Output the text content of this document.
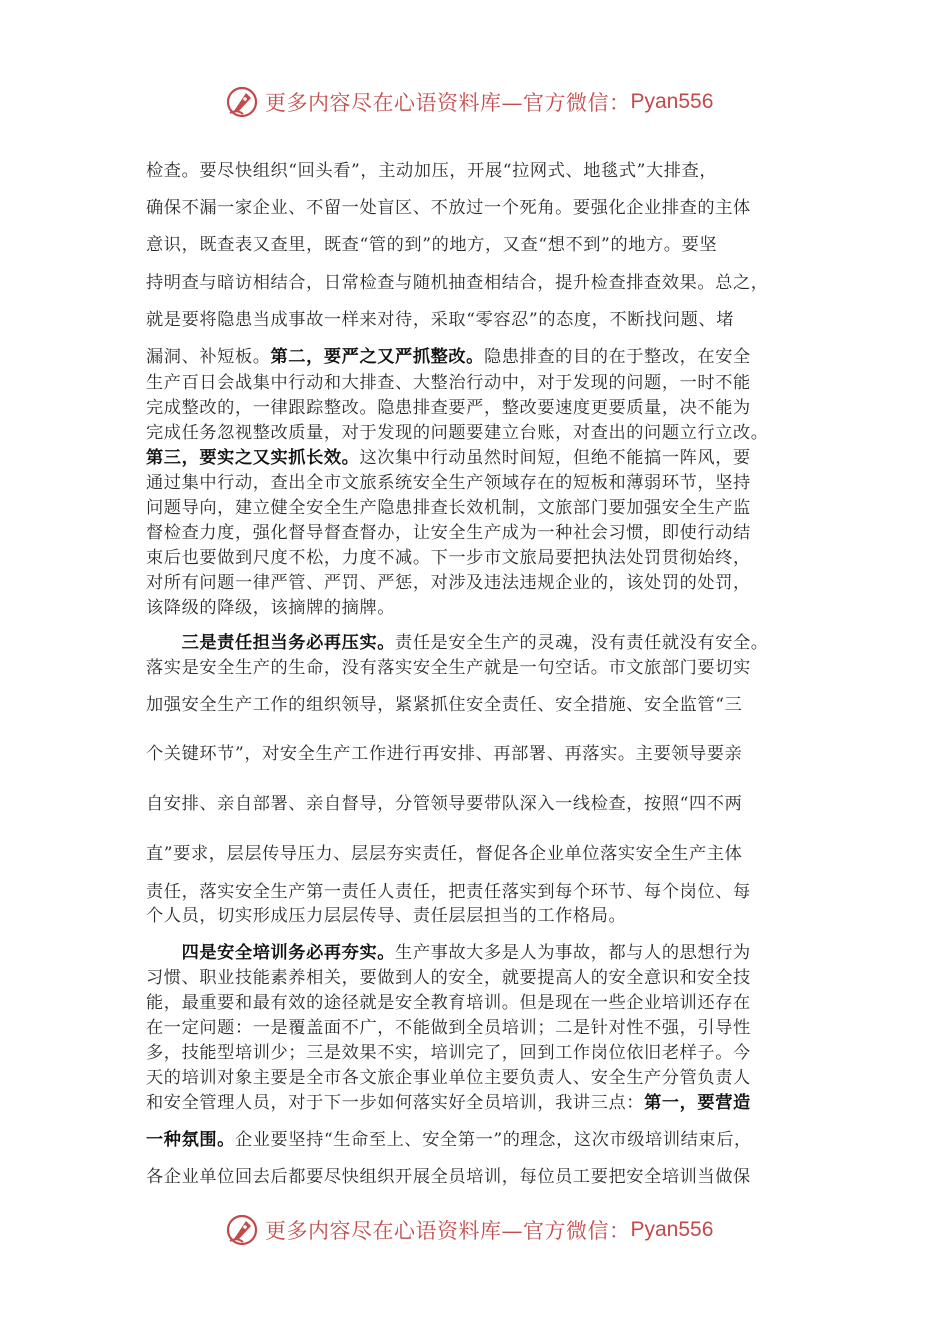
更多内容尽在心语资料库—官方微信： Pyan556
检查。要尽快组织“回头看”，主动加压，开展“拉网式、地毯式”大排查，
确保不漏一家企业、不留一处盲区、不放过一个死角。要强化企业排查的主体
意识，既查表又查里，既查“管的到”的地方，又查“想不到”的地方。要坚
持明查与暗访相结合，日常检查与随机抽查相结合，提升检查排查效果。总之，
就是要将隐患当成事故一样来对待，采取“零容忍”的态度，不断找问题、堵
漏洞、补短板。第二，要严之又严抓整改。隐患排查的目的在于整改，在安全
生产百日会战集中行动和大排查、大整治行动中，对于发现的问题，一时不能
完成整改的，一律跟踪整改。隐患排查要严，整改要速度更要质量，决不能为
完成任务忽视整改质量，对于发现的问题要建立台账，对查出的问题立行立改。
第三，要实之又实抓长效。这次集中行动虽然时间短，但绝不能搞一阵风，要
通过集中行动，查出全市文旅系统安全生产领域存在的短板和薄弱环节，坚持
问题导向，建立健全安全生产隐患排查长效机制，文旅部门要加强安全生产监
督检查力度，强化督导督查督办，让安全生产成为一种社会习惯，即使行动结
束后也要做到尺度不松，力度不减。下一步市文旅局要把执法处罚贯彻始终，
对所有问题一律严管、严罚、严惩，对涉及违法违规企业的，该处罚的处罚，
该降级的降级，该摘牌的摘牌。
　　三是责任担当务必再压实。责任是安全生产的灵魂，没有责任就没有安全。
落实是安全生产的生命，没有落实安全生产就是一句空话。市文旅部门要切实
加强安全生产工作的组织领导，紧紧抓住安全责任、安全措施、安全监管“三
个关键环节”，对安全生产工作进行再安排、再部署、再落实。主要领导要亲
自安排、亲自部署、亲自督导，分管领导要带队深入一线检查，按照“四不两
直”要求，层层传导压力、层层夯实责任，督促各企业单位落实安全生产主体
责任，落实安全生产第一责任人责任，把责任落实到每个环节、每个岗位、每
个人员，切实形成压力层层传导、责任层层担当的工作格局。
　　四是安全培训务必再夯实。生产事故大多是人为事故，都与人的思想行为
习惯、职业技能素养相关，要做到人的安全，就要提高人的安全意识和安全技
能，最重要和最有效的途径就是安全教育培训。但是现在一些企业培训还存在
在一定问题：一是覆盖面不广，不能做到全员培训；二是针对性不强，引导性
多，技能型培训少；三是效果不实，培训完了，回到工作岗位依旧老样子。今
天的培训对象主要是全市各文旅企事业单位主要负责人、安全生产分管负责人
和安全管理人员，对于下一步如何落实好全员培训，我讲三点：第一，要营造
一种氛围。企业要坚持“生命至上、安全第一”的理念，这次市级培训结束后，
各企业单位回去后都要尽快组织开展全员培训，每位员工要把安全培训当做保
更多内容尽在心语资料库—官方微信： Pyan556
